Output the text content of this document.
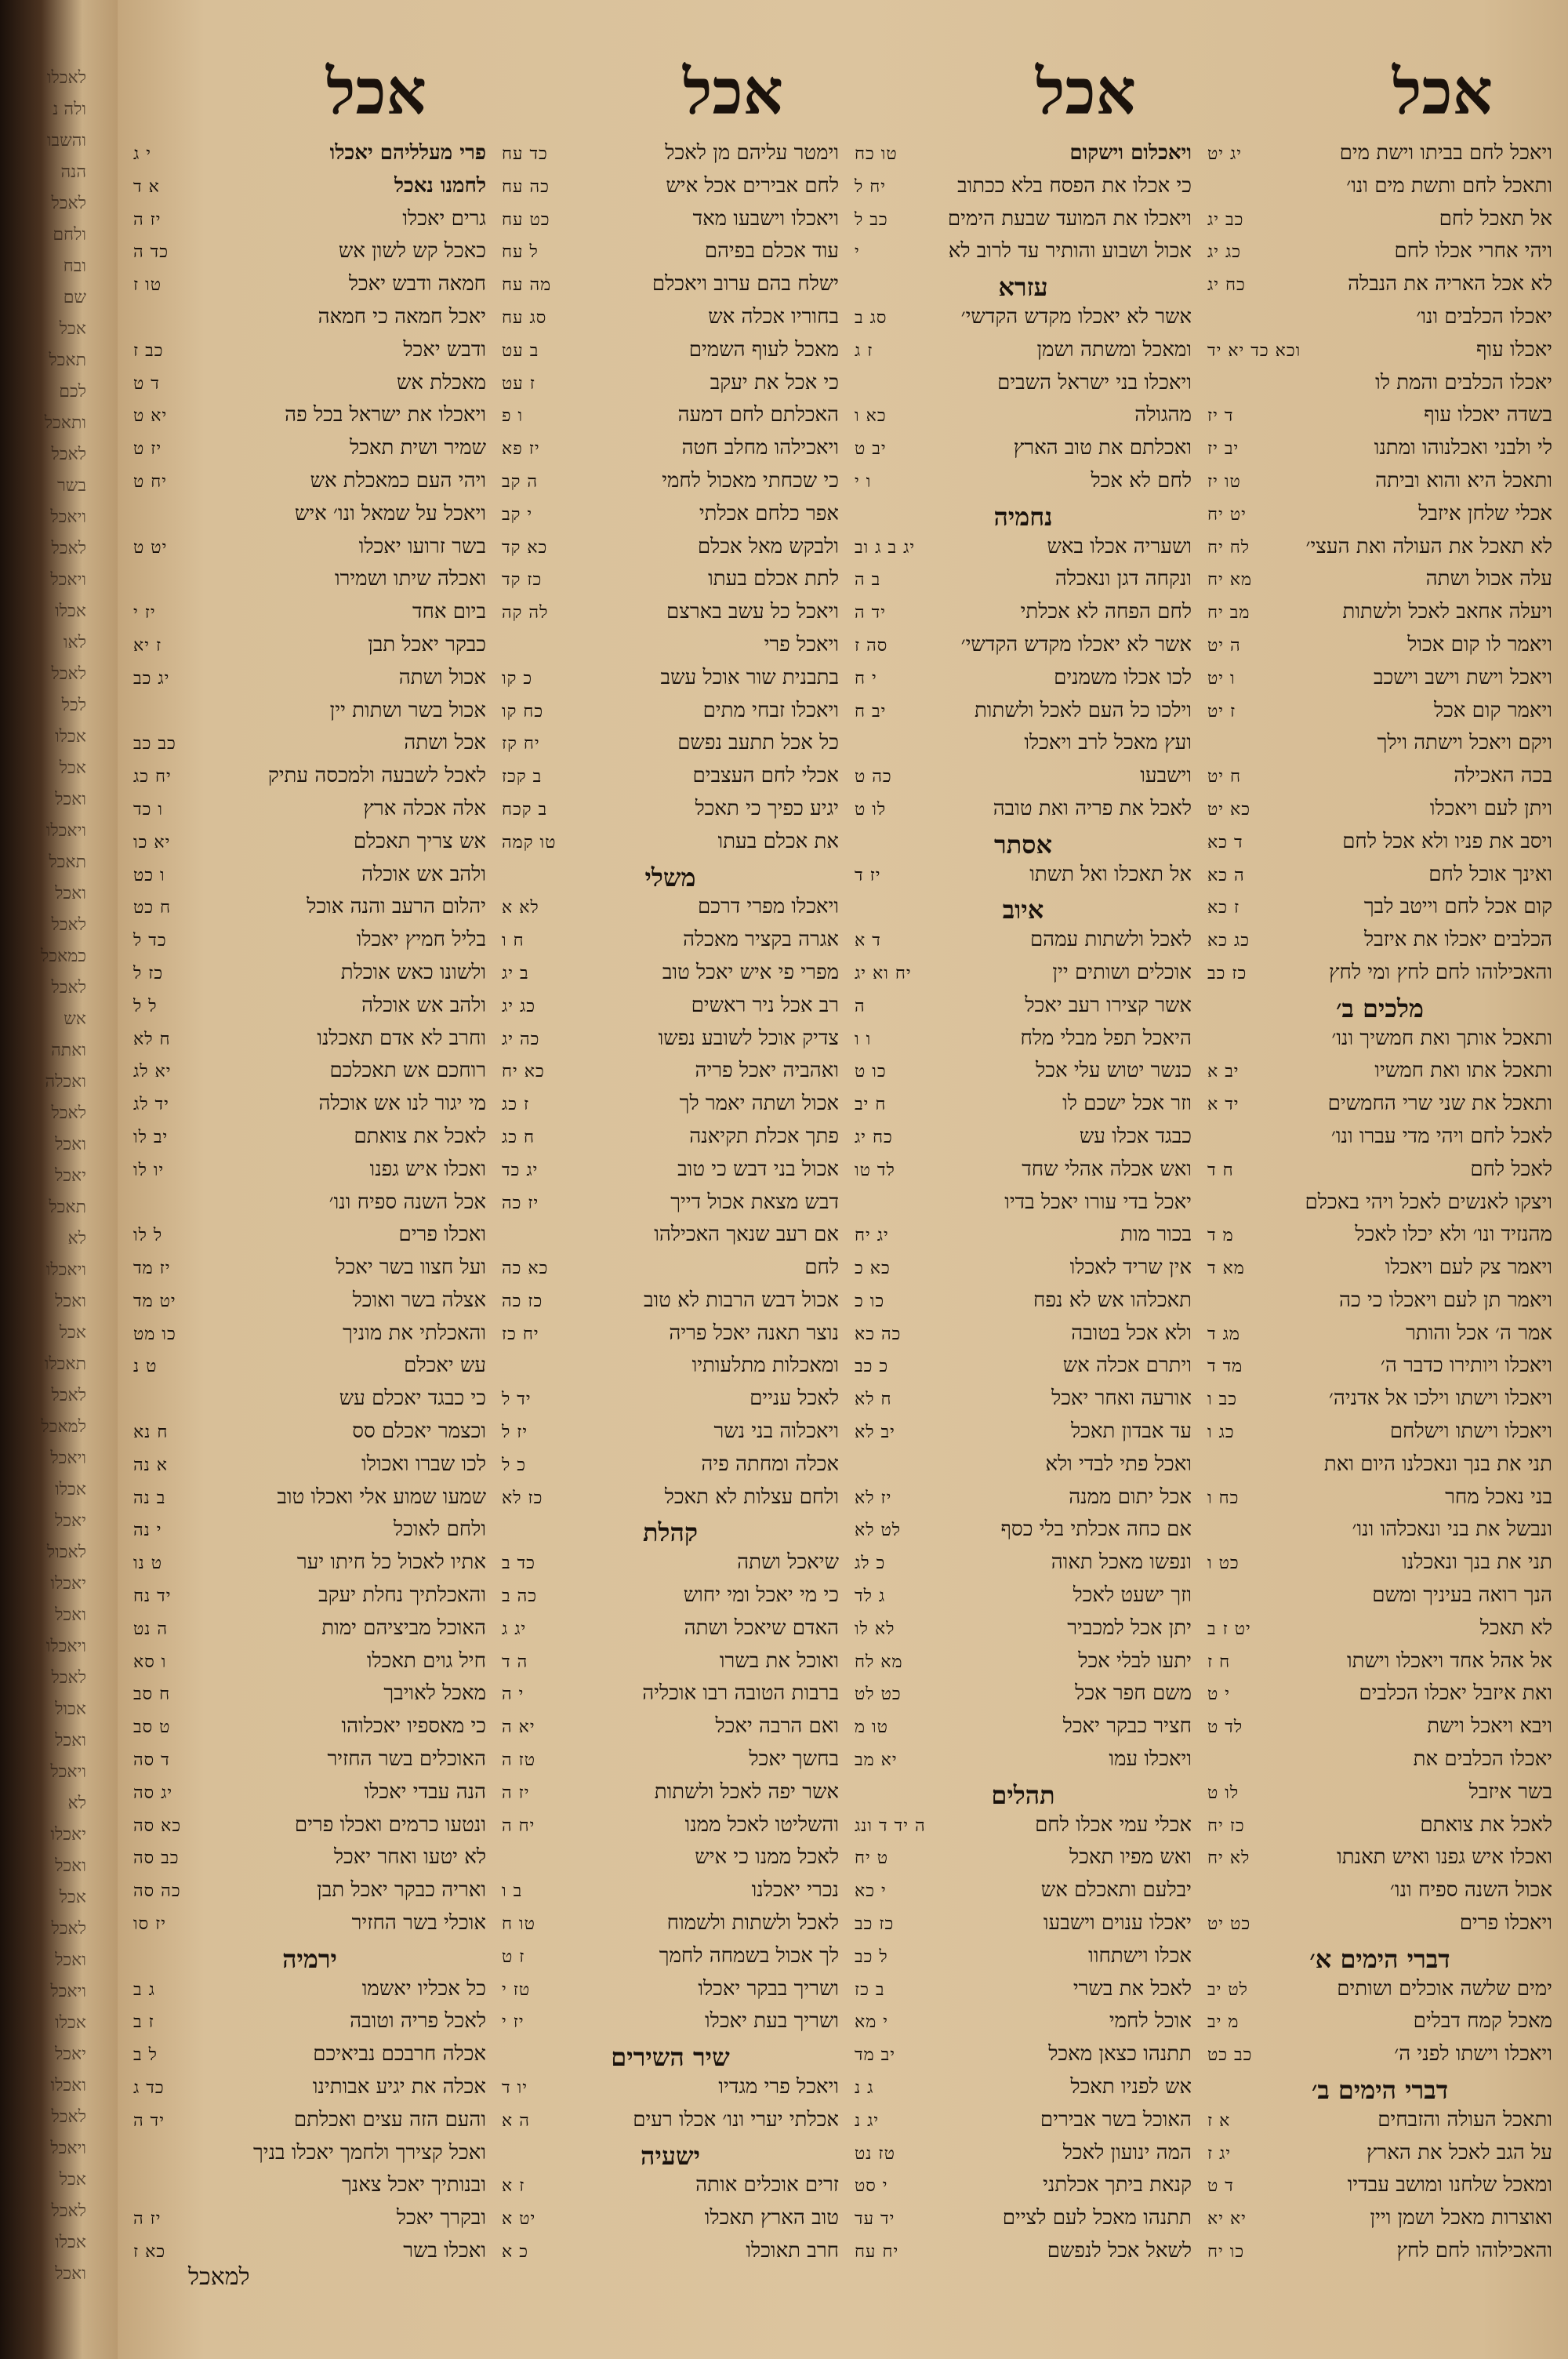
לאכלו
ולה נ
והשבו
הנה
לאכל
ולחם
ובח
שם
אכל
תאכל
לכם
ותאכל
לאכל
בשר
ויאכל
לאכל
ויאכל
אכלו
לאו
לאכל
לכל
אכלו
אכל
ואכל
ויאכלו
תאכל
ואכל
לאכל
כמאכל
לאכל
אש
ואתה
ואכלה
לאכל
ואכל
יאכל
תאכל
לא
ויאכלו
ואכל
אכל
תאכלו
לאכל
למאכל
ויאכל
אכלו
יאכל
לאכול
יאכלו
ואכל
ויאכלו
לאכל
אכול
ואכל
ויאכל
לא
יאכלו
ואכל
אכל
לאכל
ואכל
ויאכל
אכלו
יאכל
ואכלו
לאכל
ויאכל
אכל
לאכל
אכלו
ואכל
אכל
אכל
אכל
אכל
ויאכל לחם בביתו וישת מים
יג יט
ותאכל לחם ותשת מים ונו׳
אל תאכל לחם
כב יג
ויהי אחרי אכלו לחם
כג יג
לא אכל האריה את הנבלה
כח יג
יאכלו הכלבים ונו׳
יאכלו עוף
וכא כד יא יד
יאכלו הכלבים והמת לו
בשדה יאכלו עוף
ד יז
לי ולבני ואכלנוהו ומתנו
יב יז
ותאכל היא והוא וביתה
טו יז
אכלי שלחן איזבל
יט יח
לא תאכל את העולה ואת העצי׳
לח יח
עלה אכול ושתה
מא יח
ויעלה אחאב לאכל ולשתות
מב יח
ויאמר לו קום אכול
ה יט
ויאכל וישת וישב וישכב
ו יט
ויאמר קום אכל
ז יט
ויקם ויאכל וישתה וילך
בכה האכילה
ח יט
ויתן לעם ויאכלו
כא יט
ויסב את פניו ולא אכל לחם
ד כא
ואינך אוכל לחם
ה כא
קום אכל לחם וייטב לבך
ז כא
הכלבים יאכלו את איזבל
כג כא
והאכילוהו לחם לחץ ומי לחץ
כז כב
מלכים ב׳
ותאכל אותך ואת חמשיך ונו׳
ותאכל אתו ואת חמשיו
יב א
ותאכל את שני שרי החמשים
יד א
לאכל לחם ויהי מדי עברו ונו׳
לאכל לחם
ח ד
ויצקו לאנשים לאכל ויהי באכלם
מהנזיד ונו׳ ולא יכלו לאכל
מ ד
ויאמר צק לעם ויאכלו
מא ד
ויאמר תן לעם ויאכלו כי כה
אמר ה׳ אכל והותר
מג ד
ויאכלו ויותירו כדבר ה׳
מד ד
ויאכלו וישתו וילכו אל אדניה׳
כב ו
ויאכלו וישתו וישלחם
כג ו
תני את בנך ונאכלנו היום ואת
בני נאכל מחר
כח ו
ונבשל את בני ונאכלהו ונו׳
תני את בנך ונאכלנו
כט ו
הנך רואה בעיניך ומשם
לא תאכל
יט ז ב
אל אהל אחד ויאכלו וישתו
ח ז
ואת איזבל יאכלו הכלבים
י ט
ויבא ויאכל וישת
לד ט
יאכלו הכלבים את
בשר איזבל
לו ט
לאכל את צואתם
כז יח
ואכלו איש גפנו ואיש תאנתו
לא יח
אכול השנה ספיח ונו׳
ויאכלו פרים
כט יט
דברי הימים א׳
ימים שלשה אוכלים ושותים
לט יב
מאכל קמח דבלים
מ יב
ויאכלו וישתו לפני ה׳
כב כט
דברי הימים ב׳
ותאכל העולה והזבחים
א ז
על הגב לאכל את הארץ
יג ז
ומאכל שלחנו ומושב עבדיו
ד ט
ואוצרות מאכל ושמן ויין
יא יא
והאכילוהו לחם לחץ
כו יח
ויאכלום וישקום
טו כח
כי אכלו את הפסח בלא ככתוב
יח ל
ויאכלו את המועד שבעת הימים
כב ל
אכול ושבוע והותיר עד לרוב לא
י
עזרא
אשר לא יאכלו מקדש הקדשי׳
סג ב
ומאכל ומשתה ושמן
ז ג
ויאכלו בני ישראל השבים
מהגולה
כא ו
ואכלתם את טוב הארץ
יב ט
לחם לא אכל
ו י
נחמיה
ושעריה אכלו באש
יג ב ג וב
ונקחה דגן ונאכלה
ב ה
לחם הפחה לא אכלתי
יד ה
אשר לא יאכלו מקדש הקדשי׳
סה ז
לכו אכלו משמנים
י ח
וילכו כל העם לאכל ולשתות
יב ח
ועץ מאכל לרב ויאכלו
וישבעו
כה ט
לאכל את פריה ואת טובה
לו ט
אסתר
אל תאכלו ואל תשתו
יז ד
איוב
לאכל ולשתות עמהם
ד א
אוכלים ושותים יין
יח וא יג
אשר קצירו רעב יאכל
ה
היאכל תפל מבלי מלח
ו ו
כנשר יטוש עלי אכל
כו ט
וזר אכל ישכם לו
ח יב
כבגד אכלו עש
כח יג
ואש אכלה אהלי שחד
לד טו
יאכל בדי עורו יאכל בדיו
בכור מות
יג יח
אין שריד לאכלו
כא כ
תאכלהו אש לא נפח
כו כ
ולא אכל בטובה
כה כא
ויתרם אכלה אש
כ כב
אורעה ואחר יאכל
ח לא
עד אבדון תאכל
יב לא
ואכל פתי לבדי ולא
אכל יתום ממנה
יז לא
אם כחה אכלתי בלי כסף
לט לא
ונפשו מאכל תאוה
כ לג
וזך ישעט לאכל
ג לד
יתן אכל למכביר
לא לו
יתעו לבלי אכל
מא לח
משם חפר אכל
כט לט
חציר כבקר יאכל
טו מ
ויאכלו עמו
יא מב
תהלים
אכלי עמי אכלו לחם
ה יד ד ונג
ואש מפיו תאכל
ט יח
יבלעם ותאכלם אש
י כא
יאכלו ענוים וישבעו
כז כב
אכלו וישתחוו
ל כב
לאכל את בשרי
ב כז
אוכל לחמי
י מא
תתנהו כצאן מאכל
יב מד
אש לפניו תאכל
ג נ
האוכל בשר אבירים
יג נ
המה ינועון לאכל
טז נט
קנאת ביתך אכלתני
י סט
תתנהו מאכל לעם לציים
יד עד
לשאל אכל לנפשם
יח עח
וימטר עליהם מן לאכל
כד עח
לחם אבירים אכל איש
כה עח
ויאכלו וישבעו מאד
כט עח
עוד אכלם בפיהם
ל עח
ישלח בהם ערוב ויאכלם
מה עח
בחוריו אכלה אש
סג עח
מאכל לעוף השמים
ב עט
כי אכל את יעקב
ז עט
האכלתם לחם דמעה
ו פ
ויאכילהו מחלב חטה
יז פא
כי שכחתי מאכול לחמי
ה קב
אפר כלחם אכלתי
י קב
ולבקש מאל אכלם
כא קד
לתת אכלם בעתו
כז קד
ויאכל כל עשב בארצם
לה קה
ויאכל פרי
בתבנית שור אוכל עשב
כ קו
ויאכלו זבחי מתים
כח קו
כל אכל תתעב נפשם
יח קז
אכלי לחם העצבים
ב קכז
יגיע כפיך כי תאכל
ב קכח
את אכלם בעתו
טו קמה
משלי
ויאכלו מפרי דרכם
לא א
אגרה בקציר מאכלה
ח ו
מפרי פי איש יאכל טוב
ב יג
רב אכל ניר ראשים
כג יג
צדיק אוכל לשובע נפשו
כה יג
ואהביה יאכל פריה
כא יח
אכול ושתה יאמר לך
ז כג
פתך אכלת תקיאנה
ח כג
אכול בני דבש כי טוב
יג כד
דבש מצאת אכול דייך
יז כה
אם רעב שנאך האכילהו
לחם
כא כה
אכול דבש הרבות לא טוב
כז כה
נוצר תאנה יאכל פריה
יח כז
ומאכלות מתלעותיו
לאכל עניים
יד ל
ויאכלוה בני נשר
יז ל
אכלה ומחתה פיה
כ ל
ולחם עצלות לא תאכל
כז לא
קהלת
שיאכל ושתה
כד ב
כי מי יאכל ומי יחוש
כה ב
האדם שיאכל ושתה
יג ג
ואוכל את בשרו
ה ד
ברבות הטובה רבו אוכליה
י ה
ואם הרבה יאכל
יא ה
בחשך יאכל
טז ה
אשר יפה לאכל ולשתות
יז ה
והשליטו לאכל ממנו
יח ה
לאכל ממנו כי איש
נכרי יאכלנו
ב ו
לאכל ולשתות ולשמוח
טו ח
לך אכול בשמחה לחמך
ז ט
ושריך בבקר יאכלו
טז י
ושריך בעת יאכלו
יז י
שיר השירים
ויאכל פרי מגדיו
יו ד
אכלתי יערי ונו׳ אכלו רעים
ה א
ישעיה
זרים אוכלים אותה
ז א
טוב הארץ תאכלו
יט א
חרב תאוכלו
כ א
פרי מעלליהם יאכלו
י ג
לחמנו נאכל
א ד
גרים יאכלו
יז ה
כאכל קש לשון אש
כד ה
חמאה ודבש יאכל
טו ז
יאכל חמאה כי חמאה
ודבש יאכל
כב ז
מאכלת אש
ד ט
ויאכלו את ישראל בכל פה
יא ט
שמיר ושית תאכל
יז ט
ויהי העם כמאכלת אש
יח ט
ויאכל על שמאל ונו׳ איש
בשר זרועו יאכלו
יט ט
ואכלה שיתו ושמירו
ביום אחד
יז י
כבקר יאכל תבן
ז יא
אכול ושתה
יג כב
אכול בשר ושתות יין
אכל ושתה
כב כב
לאכל לשבעה ולמכסה עתיק
יח כג
אלה אכלה ארץ
ו כד
אש צריך תאכלם
יא כו
ולהב אש אוכלה
ו כט
יהלום הרעב והנה אוכל
ח כט
בליל חמיץ יאכלו
כד ל
ולשונו כאש אוכלת
כז ל
ולהב אש אוכלה
ל ל
וחרב לא אדם תאכלנו
ח לא
רוחכם אש תאכלכם
יא לג
מי יגור לנו אש אוכלה
יד לג
לאכל את צואתם
יב לו
ואכלו איש גפנו
יו לו
אכל השנה ספיח ונו׳
ואכלו פרים
ל לו
ועל חצוו בשר יאכל
יז מד
אצלה בשר ואוכל
יט מד
והאכלתי את מוניך
כו מט
עש יאכלם
ט נ
כי כבגד יאכלם עש
וכצמר יאכלם סס
ח נא
לכו שברו ואכולו
א נה
שמעו שמוע אלי ואכלו טוב
ב נה
ולחם לאוכל
י נה
אתיו לאכול כל חיתו יער
ט נו
והאכלתיך נחלת יעקב
יד נח
האוכל מביציהם ימות
ה נט
חיל גוים תאכלו
ו סא
מאכל לאויבך
ח סב
כי מאספיו יאכלוהו
ט סב
האוכלים בשר החזיר
ד סה
הנה עבדי יאכלו
יג סה
ונטעו כרמים ואכלו פרים
כא סה
לא יטעו ואחר יאכל
כב סה
ואריה כבקר יאכל תבן
כה סה
אוכלי בשר החזיר
יז סו
ירמיה
כל אכליו יאשמו
ג ב
לאכל פריה וטובה
ז ב
אכלה חרבכם נביאיכם
ל ב
אכלה את יגיע אבותינו
כד ג
והעם הזה עצים ואכלתם
יד ה
ואכל קצירך ולחמך יאכלו בניך
ובנותיך יאכל צאנך
ובקרך יאכל
יז ה
ואכלו בשר
כא ז
למאכל
